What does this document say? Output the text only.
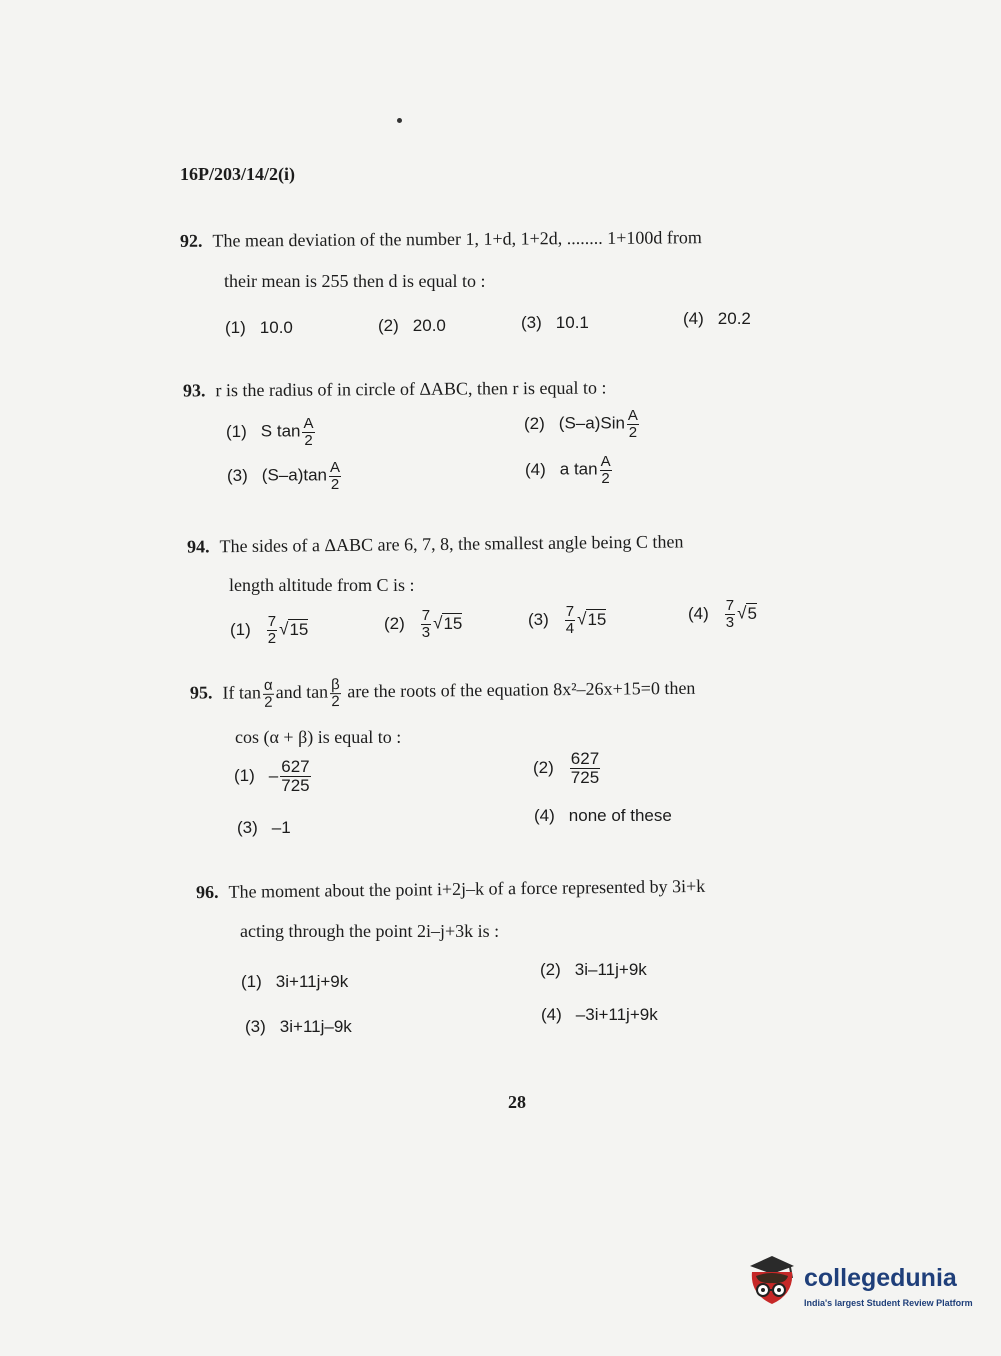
16P/203/14/2(i)
92. The mean deviation of the number 1, 1+d, 1+2d, ........ 1+100d from
their mean is 255 then d is equal to :
(1) 10.0	(2) 20.0	(3) 10.1	(4) 20.2
93. r is the radius of in circle of ΔABC, then r is equal to :
(1) S $\tan \frac{A}{2}$	(2) $(S-a)Sin \frac{A}{2}$
(3) $(S-a)\tan \frac{A}{2}$	(4) a $\tan \frac{A}{2}$
94. The sides of a ΔABC are 6, 7, 8, the smallest angle being C then
length altitude from C is :
$(1) \frac{7}{2} √15$	$(2) \frac{7}{3} √15$	$(3) \frac{7}{4} √15$	$(4) \frac{7}{3} √5$
95. If $\tan \frac{\alpha}{2}$ and $\tan \frac{\beta}{2}$ are the roots of the equation 8x²–26x+15=0 then
cos (α + β) is equal to :
$(1) - \frac{627}{725}$	$(2) \frac{627}{725}$
(3) –1
(4) none of these
96. The moment about the point i+2j–k of a force represented by 3i+k
acting through the point 2i–j+3k is :
(1) 3i+11j+9k
(2) 3i–11j+9k
(3) 3i+11j–9k
(4) –3i+11j+9k
28
collegedunia
India's largest Student Review Platform
